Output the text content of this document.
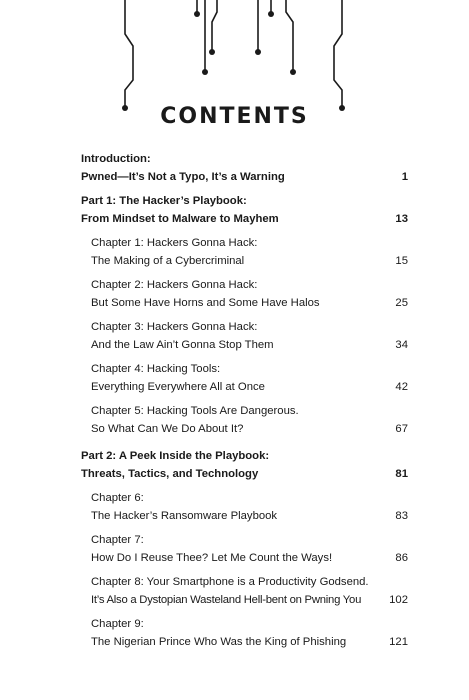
CONTENTS
Introduction:
Pwned—It’s Not a Typo, It’s a Warning	1
Part 1: The Hacker’s Playbook:
From Mindset to Malware to Mayhem	13
Chapter 1: Hackers Gonna Hack:
The Making of a Cybercriminal	15
Chapter 2: Hackers Gonna Hack:
But Some Have Horns and Some Have Halos	25
Chapter 3: Hackers Gonna Hack:
And the Law Ain’t Gonna Stop Them	34
Chapter 4: Hacking Tools:
Everything Everywhere All at Once	42
Chapter 5: Hacking Tools Are Dangerous.
So What Can We Do About It?	67
Part 2: A Peek Inside the Playbook:
Threats, Tactics, and Technology	81
Chapter 6:
The Hacker’s Ransomware Playbook	83
Chapter 7:
How Do I Reuse Thee? Let Me Count the Ways!	86
Chapter 8: Your Smartphone is a Productivity Godsend.
It’s Also a Dystopian Wasteland Hell-bent on Pwning You	102
Chapter 9:
The Nigerian Prince Who Was the King of Phishing	121
